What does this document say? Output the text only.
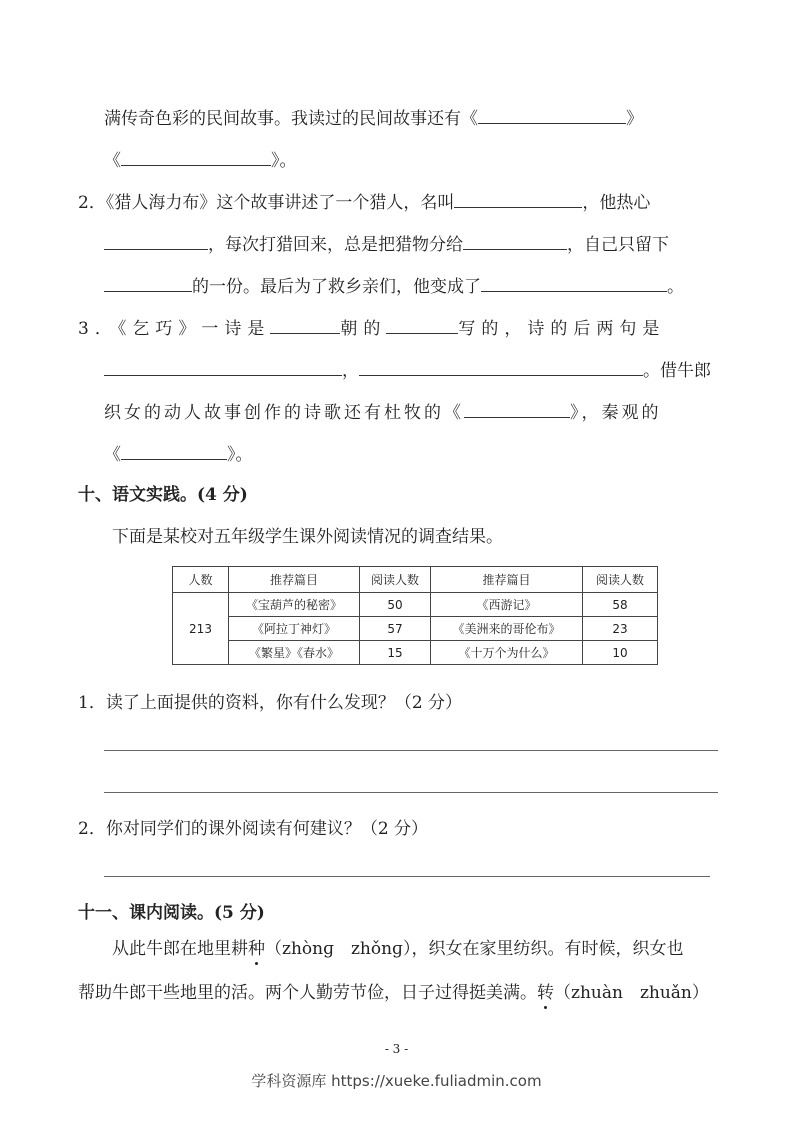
满传奇色彩的民间故事。我读过的民间故事还有《	》
《	》。
2．《猎人海力布》这个故事讲述了一个猎人，名叫	，他热心
，每次打猎回来，总是把猎物分给	，自己只留下
的一份。最后为了救乡亲们，他变成了	。
3．《乞巧》一诗是	朝的	写的，诗的后两句是
，	。借牛郎
织女的动人故事创作的诗歌还有杜牧的《	》，秦观的
《	》。
十、语文实践。(4 分)
下面是某校对五年级学生课外阅读情况的调查结果。
人数	推荐篇目	阅读人数	推荐篇目	阅读人数
213	《宝葫芦的秘密》	50	《西游记》	58
	《阿拉丁神灯》	57	《美洲来的哥伦布》	23
	《繁星》《春水》	15	《十万个为什么》	10
1．读了上面提供的资料，你有什么发现？（2 分）
2．你对同学们的课外阅读有何建议？（2 分）
十一、课内阅读。(5 分)
从此牛郎在地里耕种（zhònɡ　zhǒnɡ），织女在家里纺织。有时候，织女也
帮助牛郎干些地里的活。两个人勤劳节俭，日子过得挺美满。转（zhuàn　zhuǎn）
- 3 -
学科资源库 https://xueke.fuliadmin.com
